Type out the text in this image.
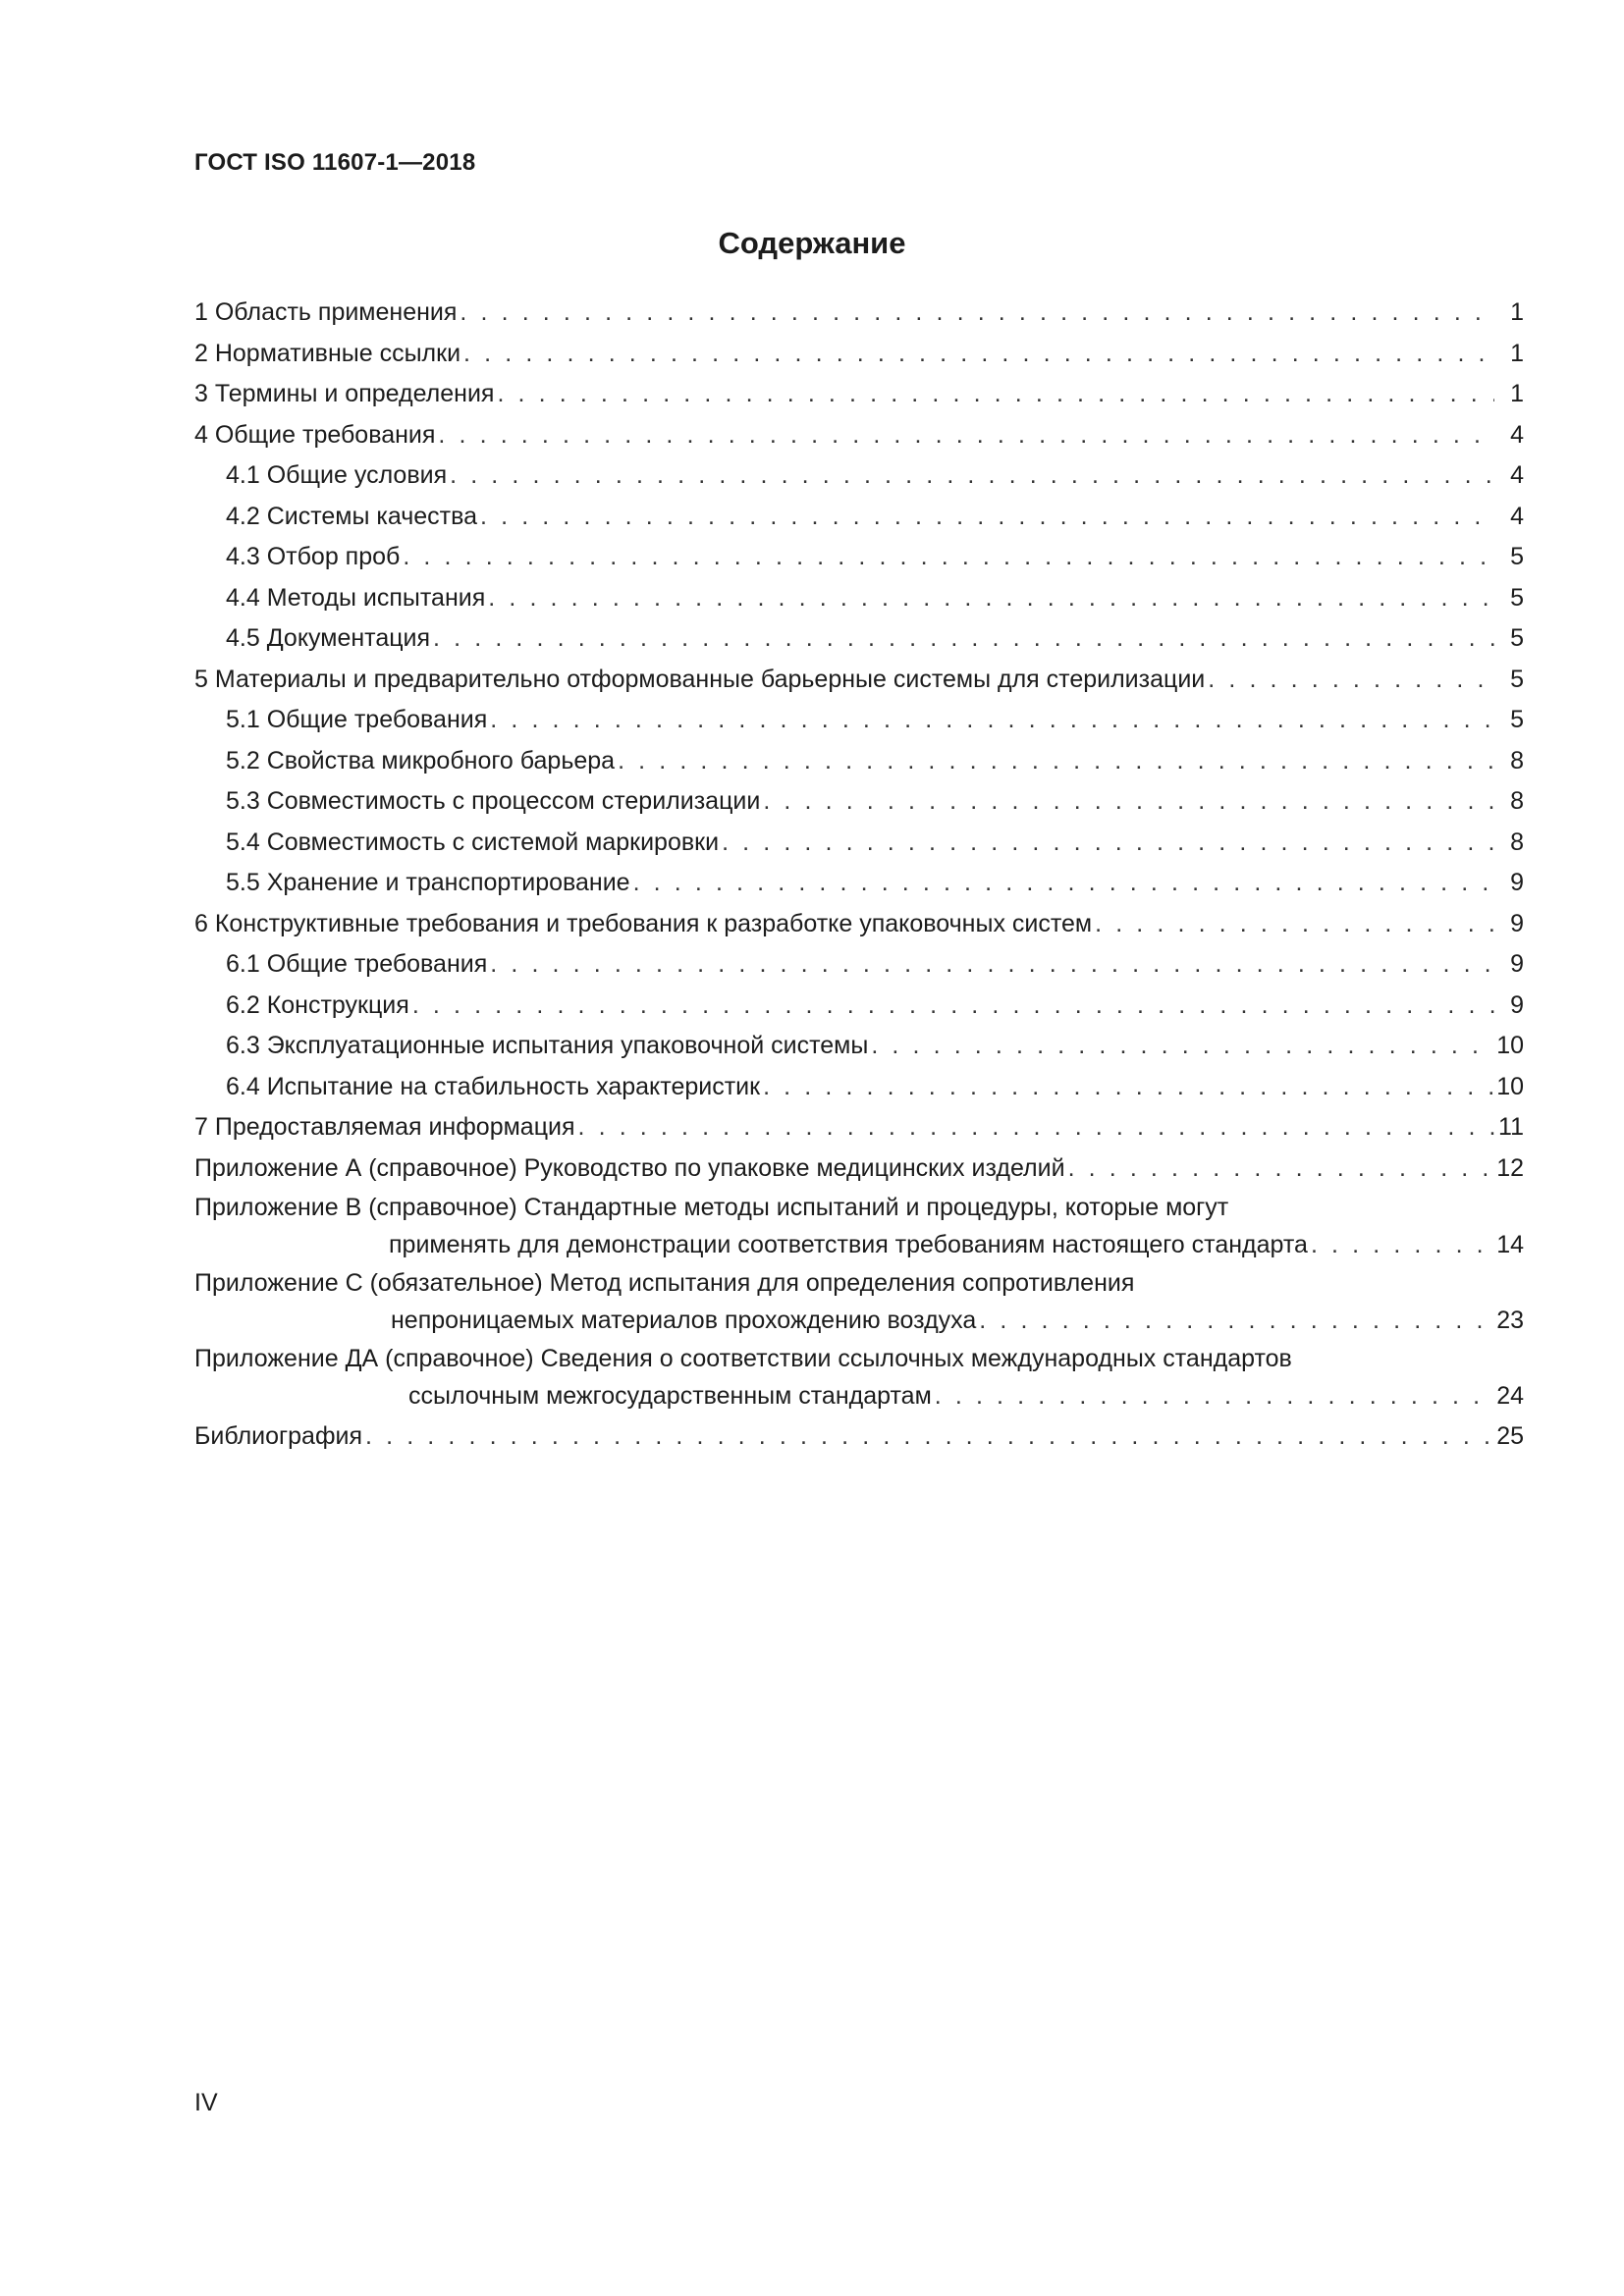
ГОСТ ISO 11607-1—2018
Содержание
1 Область применения . . .	1
2 Нормативные ссылки . . .	1
3 Термины и определения . . .	1
4 Общие требования . . .	4
4.1 Общие условия . . .	4
4.2 Системы качества . . .	4
4.3 Отбор проб . . .	5
4.4 Методы испытания . . .	5
4.5 Документация . . .	5
5 Материалы и предварительно отформованные барьерные системы для стерилизации . . .	5
5.1 Общие требования . . .	5
5.2 Свойства микробного барьера . . .	8
5.3 Совместимость с процессом стерилизации . . .	8
5.4 Совместимость с системой маркировки . . .	8
5.5 Хранение и транспортирование . . .	9
6 Конструктивные требования и требования к разработке упаковочных систем . . .	9
6.1 Общие требования . . .	9
6.2 Конструкция . . .	9
6.3 Эксплуатационные испытания упаковочной системы . . .	10
6.4 Испытание на стабильность характеристик . . .	10
7 Предоставляемая информация . . .	11
Приложение А (справочное) Руководство по упаковке медицинских изделий . . .	12
Приложение В (справочное) Стандартные методы испытаний и процедуры, которые могут
применять для демонстрации соответствия требованиям настоящего стандарта . . .	14
Приложение С (обязательное) Метод испытания для определения сопротивления
непроницаемых материалов прохождению воздуха . . .	23
Приложение ДА (справочное) Сведения о соответствии ссылочных международных стандартов
ссылочным межгосударственным стандартам . . .	24
Библиография . . .	25
IV
